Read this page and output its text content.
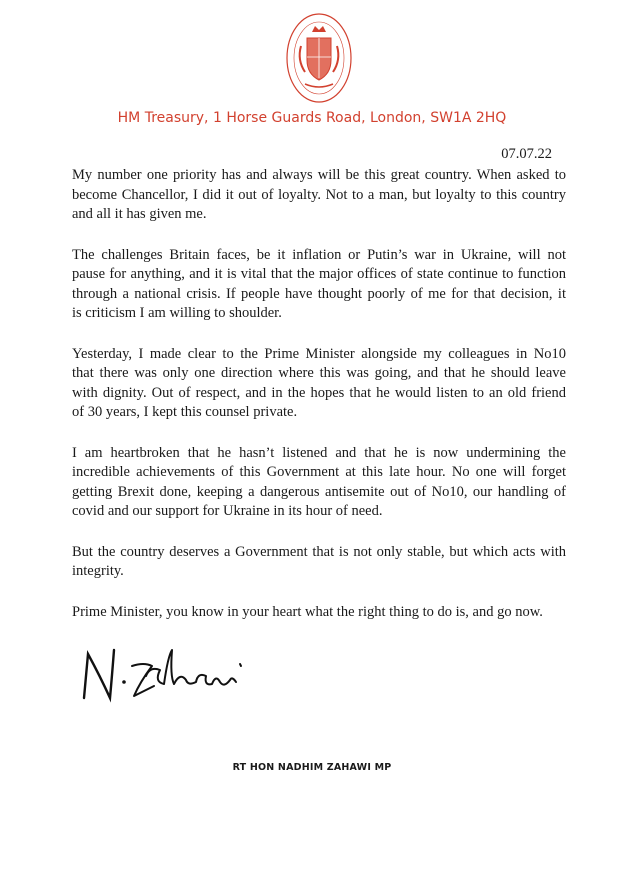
HM Treasury, 1 Horse Guards Road, London, SW1A 2HQ
07.07.22

My number one priority has and always will be this great country. When asked to
become Chancellor, I did it out of loyalty. Not to a man, but loyalty to this country
and all it has given me.

The challenges Britain faces, be it inflation or Putin’s war in Ukraine, will not
pause for anything, and it is vital that the major offices of state continue to function
through a national crisis. If people have thought poorly of me for that decision, it
is criticism I am willing to shoulder.

Yesterday, I made clear to the Prime Minister alongside my colleagues in No10
that there was only one direction where this was going, and that he should leave
with dignity. Out of respect, and in the hopes that he would listen to an old friend
of 30 years, I kept this counsel private.

I am heartbroken that he hasn’t listened and that he is now undermining the
incredible achievements of this Government at this late hour. No one will forget
getting Brexit done, keeping a dangerous antisemite out of No10, our handling of
covid and our support for Ukraine in its hour of need.

But the country deserves a Government that is not only stable, but which acts with
integrity.

Prime Minister, you know in your heart what the right thing to do is, and go now.

RT HON NADHIM ZAHAWI MP
